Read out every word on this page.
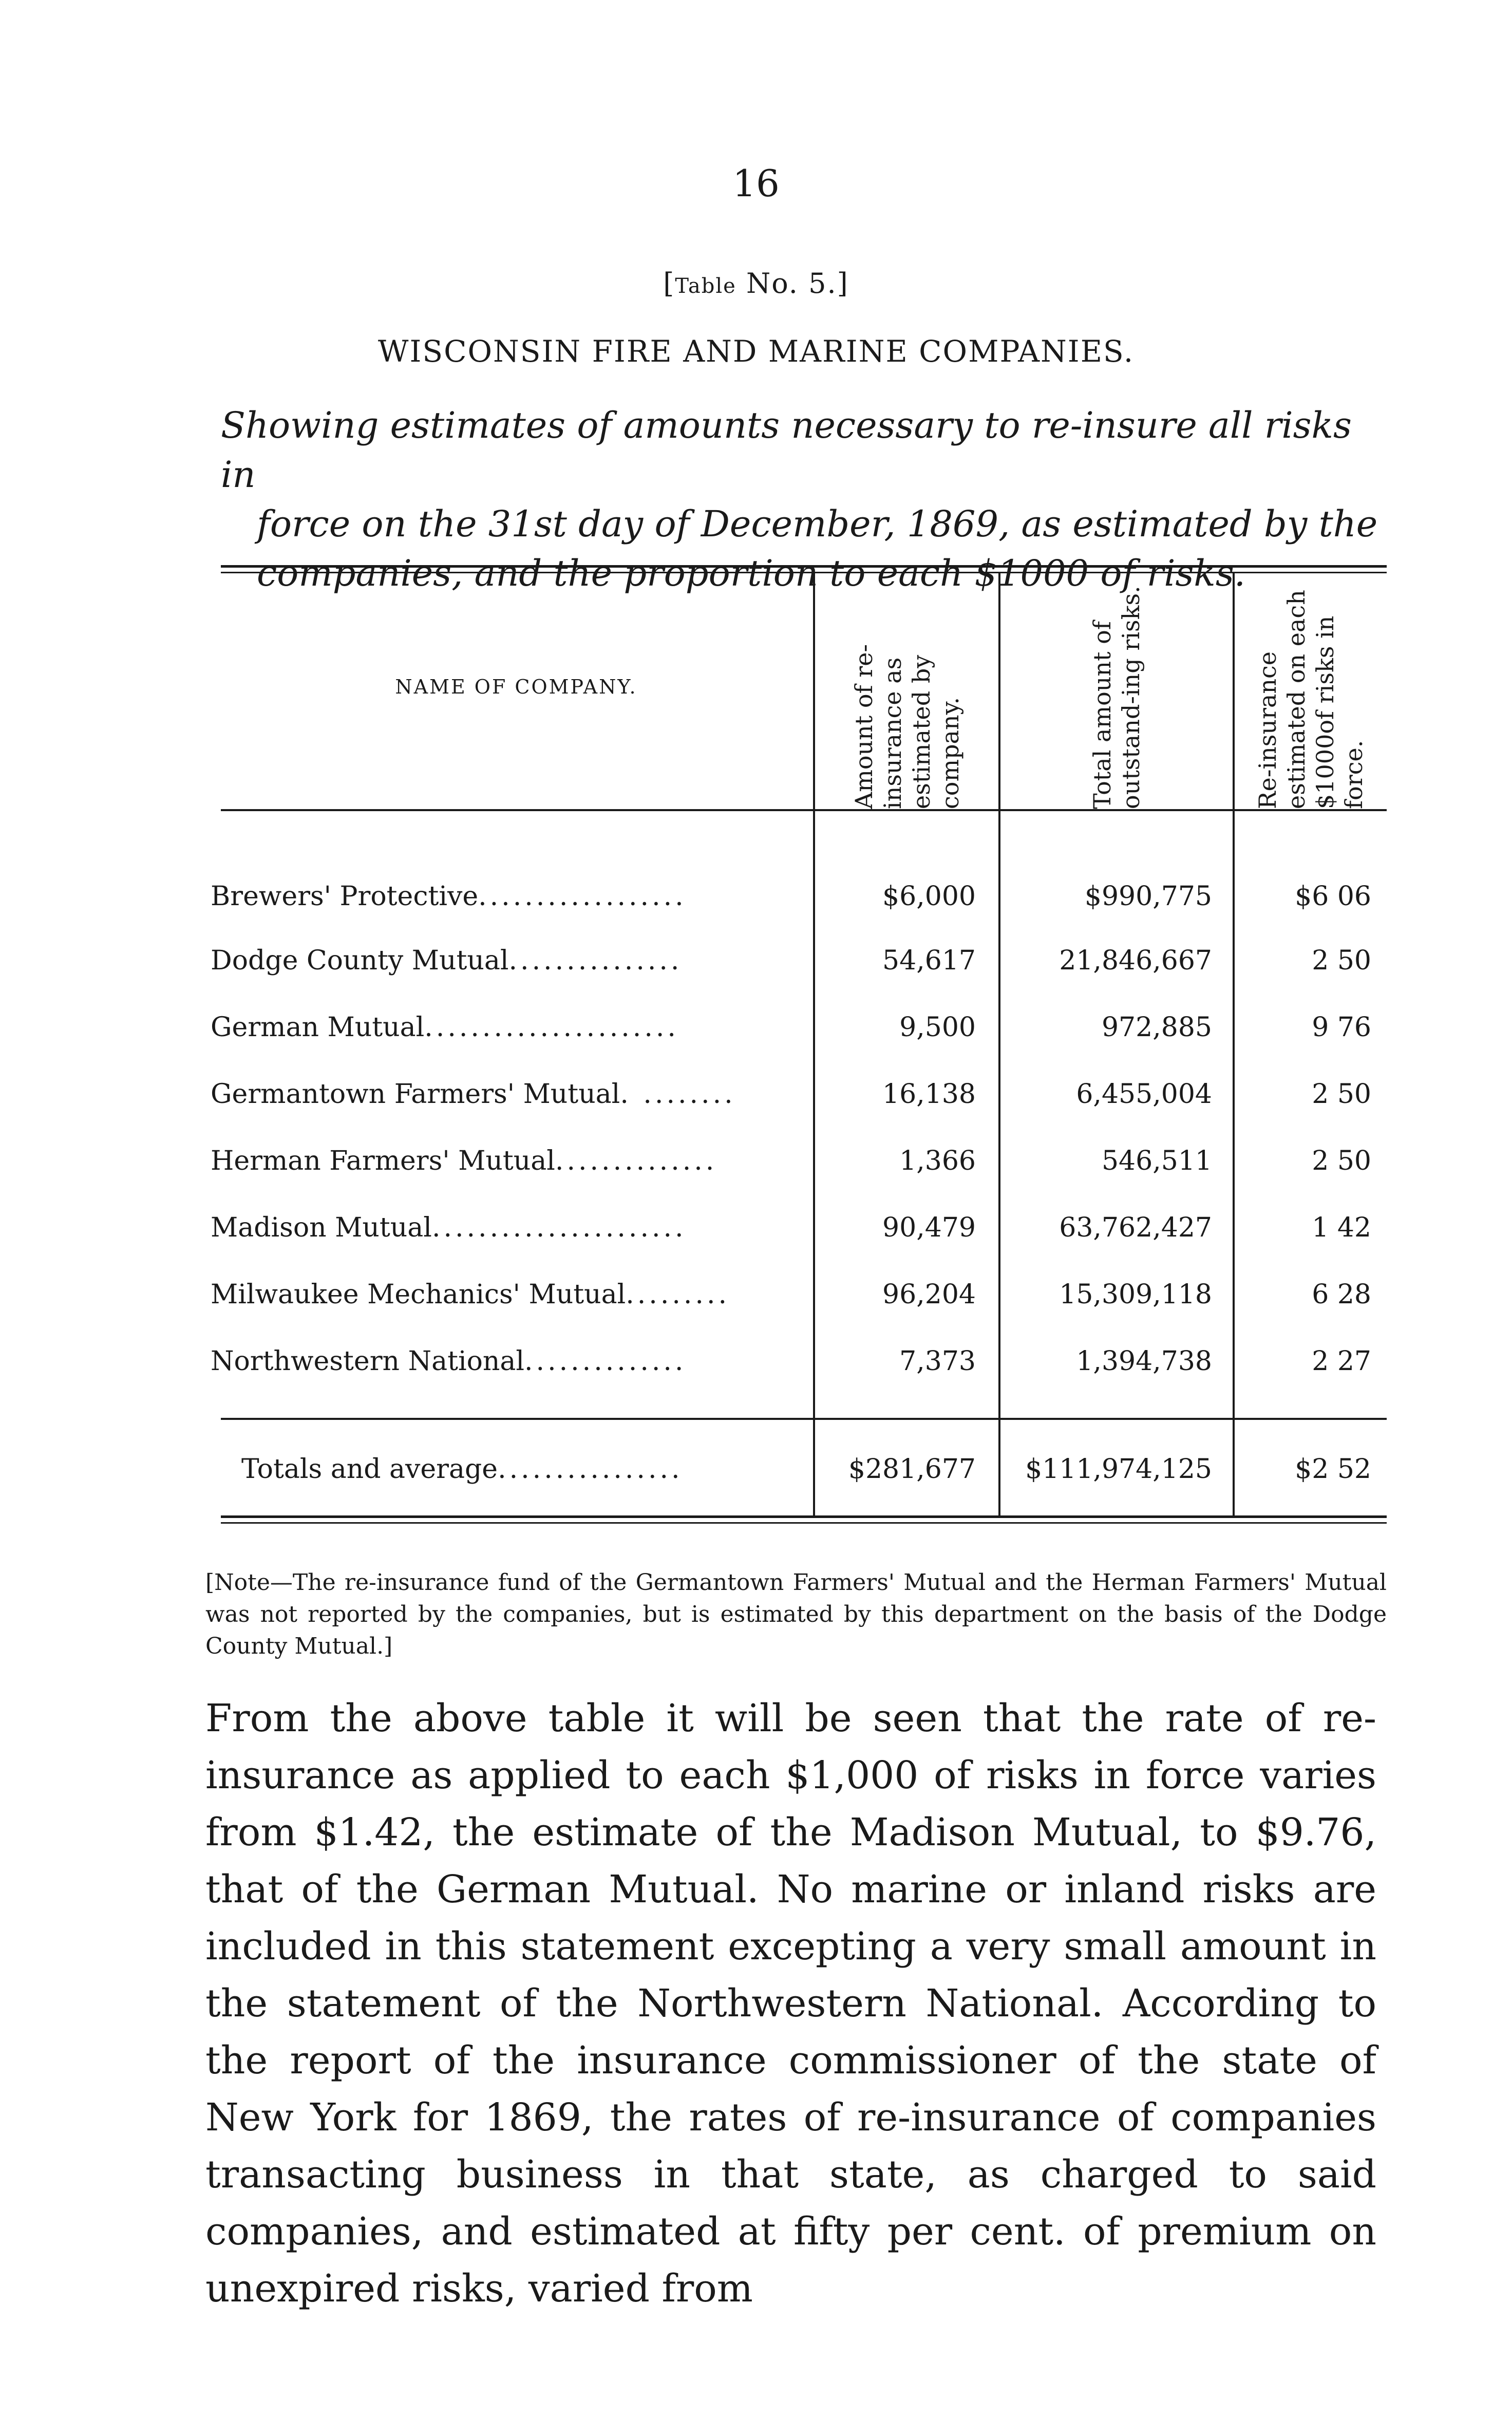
16
[Table No. 5.]
WISCONSIN FIRE AND MARINE COMPANIES.
Showing estimates of amounts necessary to re-insure all risks in
force on the 31st day of December, 1869, as estimated by the
companies, and the proportion to each $1000 of risks.
NAME OF COMPANY.	Amount of re-insurance as estimated by company.	Total amount of outstand-ing risks.	Re-insurance estimated on each $1000of risks in force.
Brewers' Protective..................	$6,000	$990,775	$6 06
Dodge County Mutual...............	54,617	21,846,667	2 50
German Mutual......................	9,500	972,885	9 76
Germantown Farmers' Mutual. ........	16,138	6,455,004	2 50
Herman Farmers' Mutual..............	1,366	546,511	2 50
Madison Mutual......................	90,479	63,762,427	1 42
Milwaukee Mechanics' Mutual.........	96,204	15,309,118	6 28
Northwestern National..............	7,373	1,394,738	2 27
Totals and average................	$281,677	$111,974,125	$2 52
[Note—The re-insurance fund of the Germantown Farmers' Mutual and the Herman Farmers' Mutual was not reported by the companies, but is estimated by this department on the basis of the Dodge County Mutual.]
From the above table it will be seen that the rate of re-insurance as applied to each $1,000 of risks in force varies from $1.42, the estimate of the Madison Mutual, to $9.76, that of the German Mutual. No marine or inland risks are included in this statement excepting a very small amount in the statement of the Northwestern National. According to the report of the insurance commissioner of the state of New York for 1869, the rates of re-insurance of companies transacting business in that state, as charged to said companies, and estimated at fifty per cent. of premium on unexpired risks, varied from
